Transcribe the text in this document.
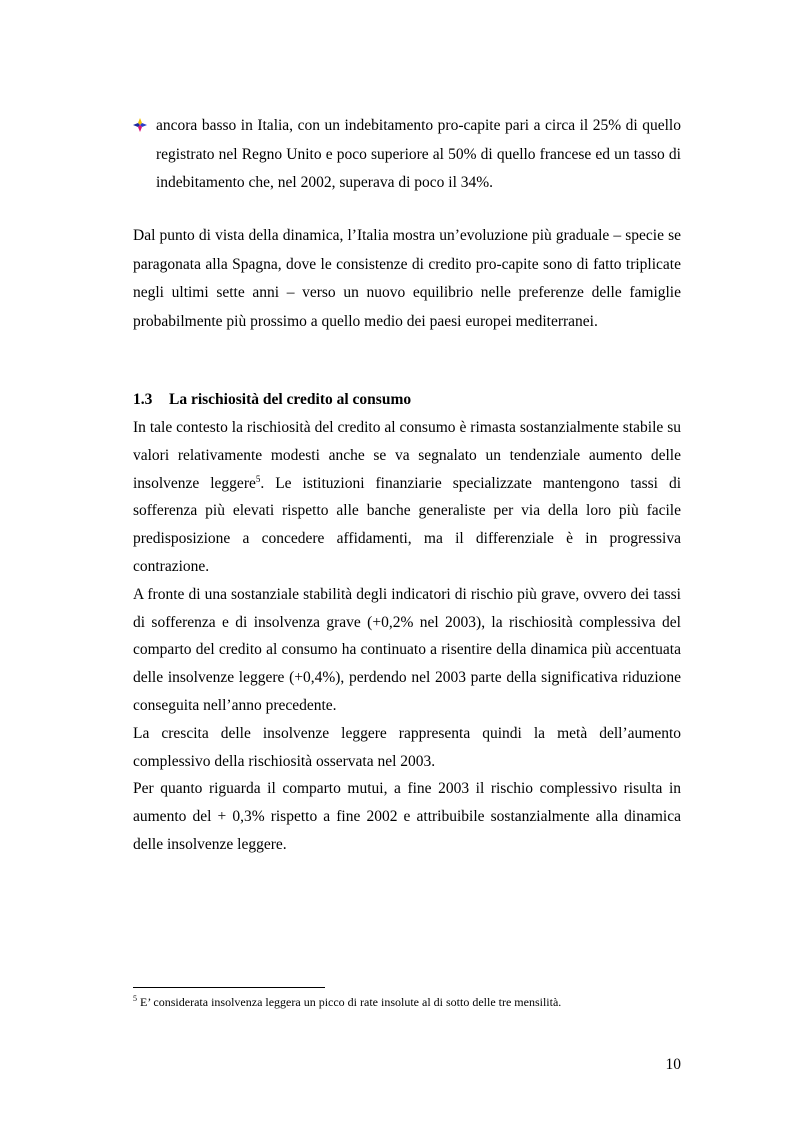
ancora basso in Italia, con un indebitamento pro-capite pari a circa il 25% di quello registrato nel Regno Unito e poco superiore al 50% di quello francese ed un tasso di indebitamento che, nel 2002, superava di poco il 34%.

Dal punto di vista della dinamica, l’Italia mostra un’evoluzione più graduale – specie se paragonata alla Spagna, dove le consistenze di credito pro-capite sono di fatto triplicate negli ultimi sette anni – verso un nuovo equilibrio nelle preferenze delle famiglie probabilmente più prossimo a quello medio dei paesi europei mediterranei.

1.3 La rischiosità del credito al consumo

In tale contesto la rischiosità del credito al consumo è rimasta sostanzialmente stabile su valori relativamente modesti anche se va segnalato un tendenziale aumento delle insolvenze leggere$^5$. Le istituzioni finanziarie specializzate mantengono tassi di sofferenza più elevati rispetto alle banche generaliste per via della loro più facile predisposizione a concedere affidamenti, ma il differenziale è in progressiva contrazione.

A fronte di una sostanziale stabilità degli indicatori di rischio più grave, ovvero dei tassi di sofferenza e di insolvenza grave (+0,2% nel 2003), la rischiosità complessiva del comparto del credito al consumo ha continuato a risentire della dinamica più accentuata delle insolvenze leggere (+0,4%), perdendo nel 2003 parte della significativa riduzione conseguita nell’anno precedente.

La crescita delle insolvenze leggere rappresenta quindi la metà dell’aumento complessivo della rischiosità osservata nel 2003.

Per quanto riguarda il comparto mutui, a fine 2003 il rischio complessivo risulta in aumento del + 0,3% rispetto a fine 2002 e attribuibile sostanzialmente alla dinamica delle insolvenze leggere.

$^5$ E’ considerata insolvenza leggera un picco di rate insolute al di sotto delle tre mensilità.

10
